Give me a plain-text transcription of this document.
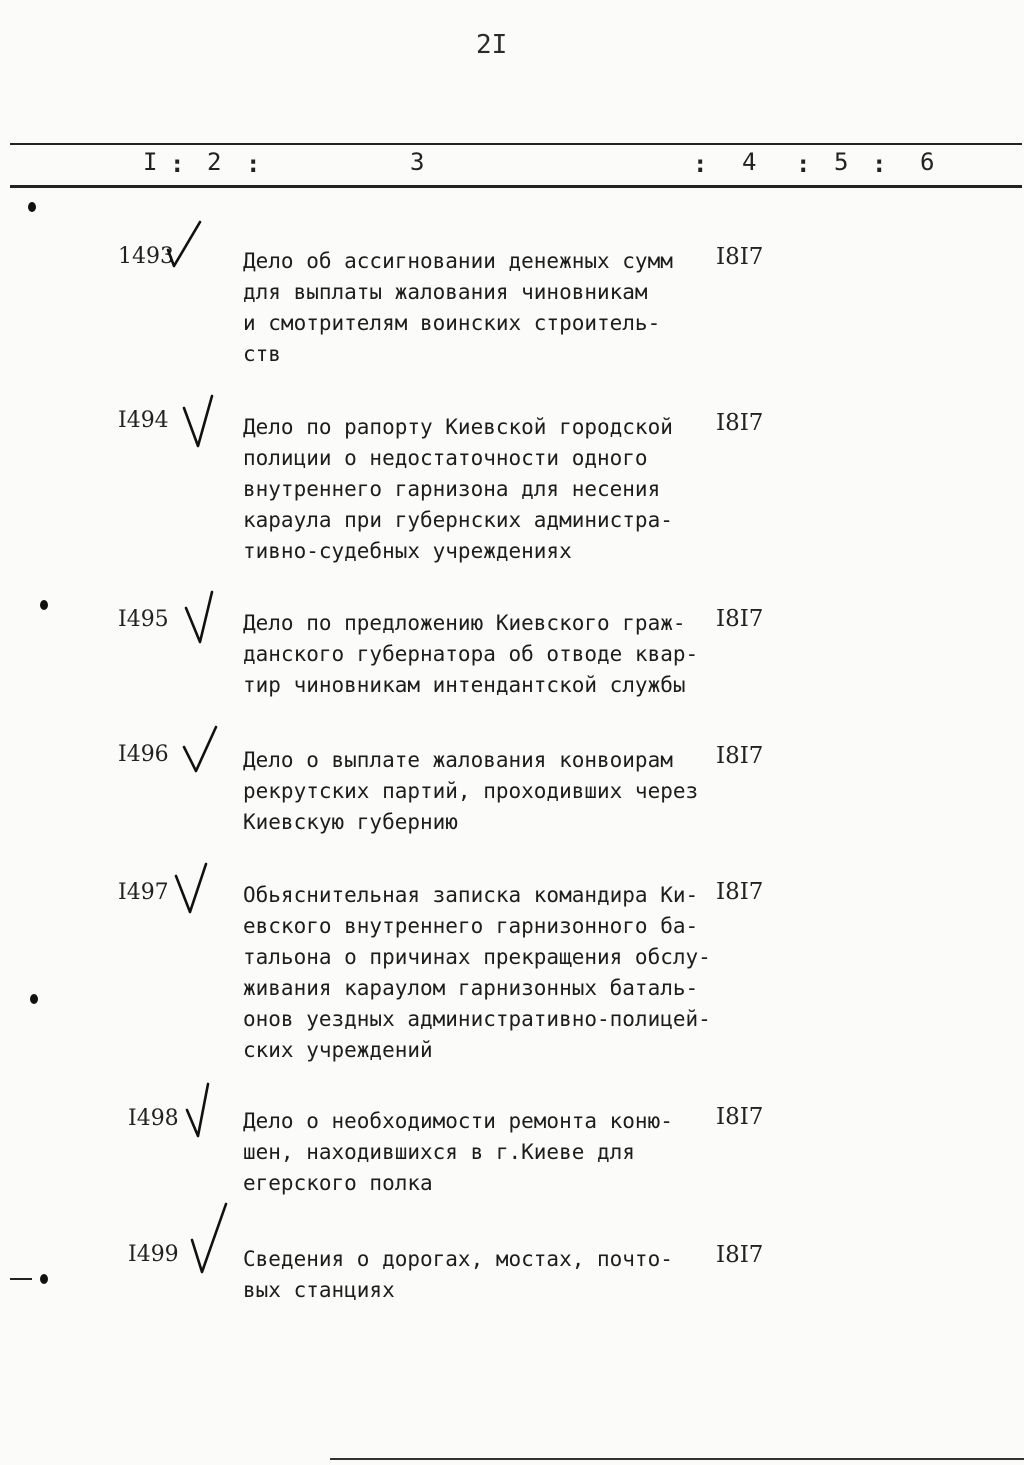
2I
I : 2 :	3	: 4 : 5 : 6
1493	Дело об ассигновании денежных сумм
для выплаты жалования чиновникам
и смотрителям воинских строитель-
ств
I8I7
I494	Дело по рапорту Киевской городской
полиции о недостаточности одного
внутреннего гарнизона для несения
караула при губернских администра-
тивно-судебных учреждениях
I8I7
I495	Дело по предложению Киевского граж-
данского губернатора об отводе квар-
тир чиновникам интендантской службы
I8I7
I496	Дело о выплате жалования конвоирам
рекрутских партий, проходивших через
Киевскую губернию
I8I7
I497	Обьяснительная записка командира Ки-
евского внутреннего гарнизонного ба-
тальона о причинах прекращения обслу-
живания караулом гарнизонных баталь-
онов уездных административно-полицей-
ских учреждений
I8I7
I498	Дело о необходимости ремонта коню-
шен, находившихся в г.Киеве для
егерского полка
I8I7
I499	Сведения о дорогах, мостах, почто-
вых станциях
I8I7
